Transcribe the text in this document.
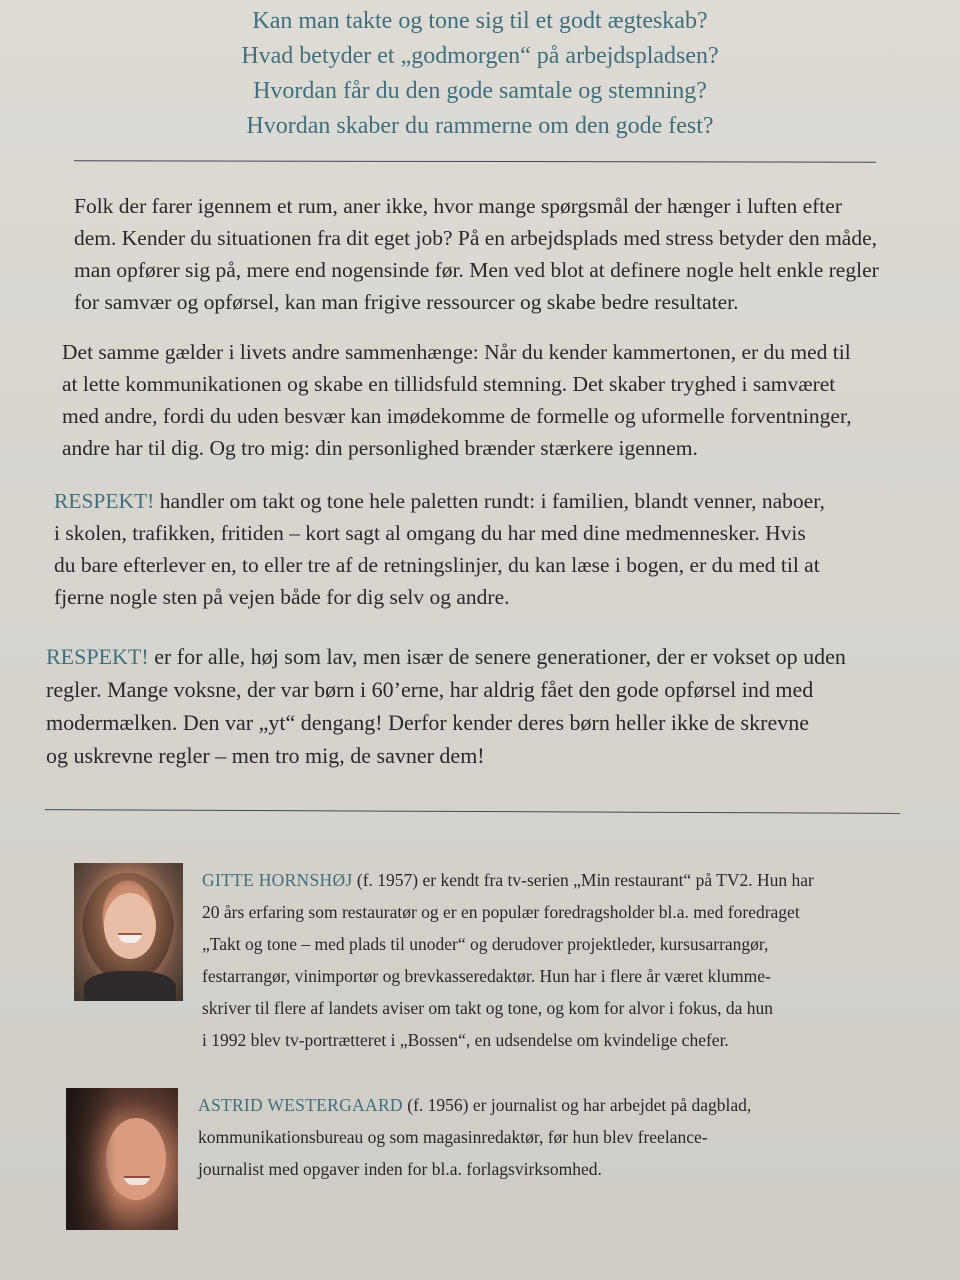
Kan man takte og tone sig til et godt ægteskab?
Hvad betyder et „godmorgen“ på arbejdspladsen?
Hvordan får du den gode samtale og stemning?
Hvordan skaber du rammerne om den gode fest?
Folk der farer igennem et rum, aner ikke, hvor mange spørgsmål der hænger i luften efter
dem. Kender du situationen fra dit eget job? På en arbejdsplads med stress betyder den måde,
man opfører sig på, mere end nogensinde før. Men ved blot at definere nogle helt enkle regler
for samvær og opførsel, kan man frigive ressourcer og skabe bedre resultater.
Det samme gælder i livets andre sammenhænge: Når du kender kammertonen, er du med til
at lette kommunikationen og skabe en tillidsfuld stemning. Det skaber tryghed i samværet
med andre, fordi du uden besvær kan imødekomme de formelle og uformelle forventninger,
andre har til dig. Og tro mig: din personlighed brænder stærkere igennem.
RESPEKT! handler om takt og tone hele paletten rundt: i familien, blandt venner, naboer,
i skolen, trafikken, fritiden – kort sagt al omgang du har med dine medmennesker. Hvis
du bare efterlever en, to eller tre af de retningslinjer, du kan læse i bogen, er du med til at
fjerne nogle sten på vejen både for dig selv og andre.
RESPEKT! er for alle, høj som lav, men især de senere generationer, der er vokset op uden
regler. Mange voksne, der var børn i 60’erne, har aldrig fået den gode opførsel ind med
modermælken. Den var „yt“ dengang! Derfor kender deres børn heller ikke de skrevne
og uskrevne regler – men tro mig, de savner dem!
GITTE HORNSHØJ (f. 1957) er kendt fra tv-serien „Min restaurant“ på TV2. Hun har
20 års erfaring som restauratør og er en populær foredragsholder bl.a. med foredraget
„Takt og tone – med plads til unoder“ og derudover projektleder, kursusarrangør,
festarrangør, vinimportør og brevkasseredaktør. Hun har i flere år været klumme-
skriver til flere af landets aviser om takt og tone, og kom for alvor i fokus, da hun
i 1992 blev tv-portrætteret i „Bossen“, en udsendelse om kvindelige chefer.
ASTRID WESTERGAARD (f. 1956) er journalist og har arbejdet på dagblad,
kommunikationsbureau og som magasinredaktør, før hun blev freelance-
journalist med opgaver inden for bl.a. forlagsvirksomhed.
